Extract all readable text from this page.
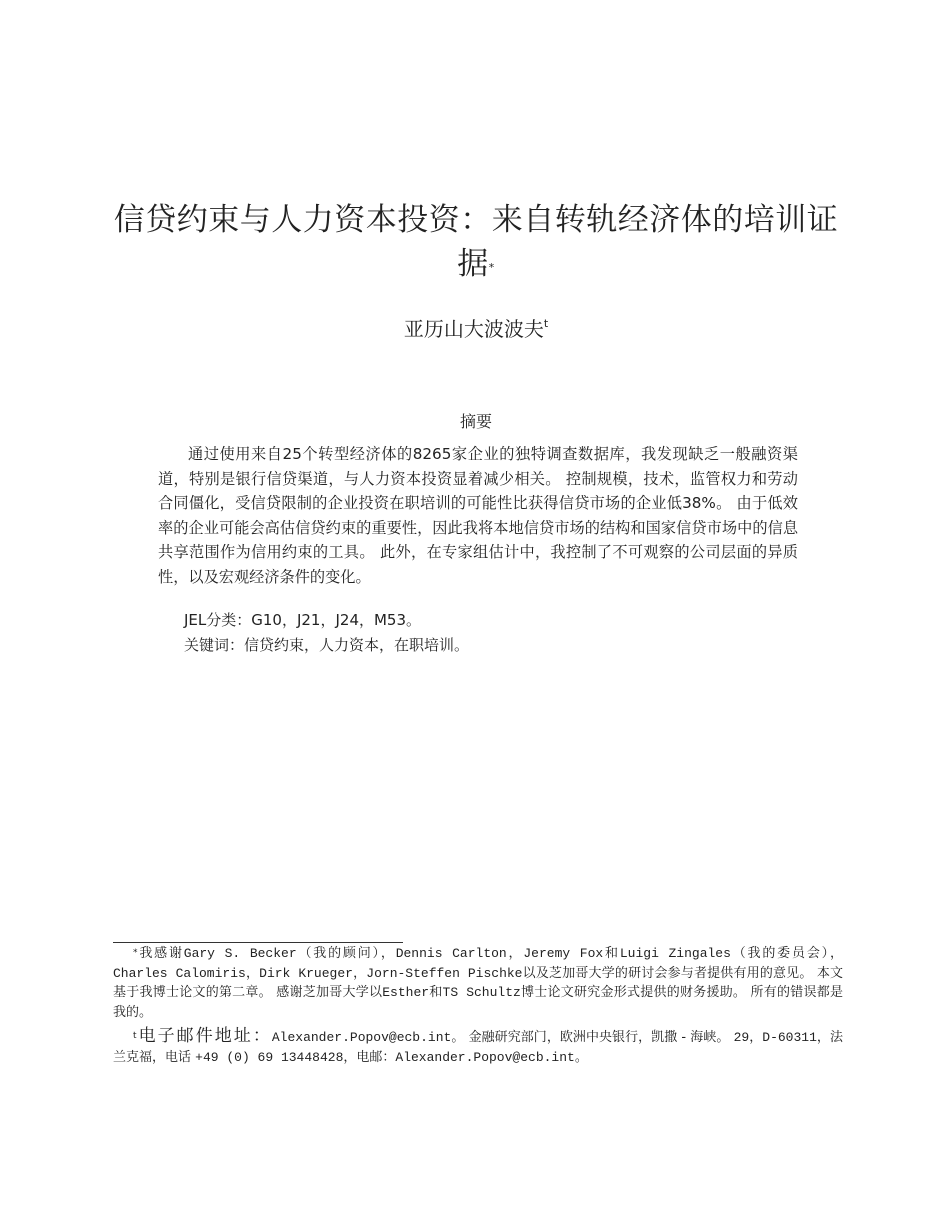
信贷约束与人力资本投资：来自转轨经济体的培训证据*
亚历山大波波夫$^t$
摘要

通过使用来自25个转型经济体的8265家企业的独特调查数据库，我发现缺乏一般融资渠道，特别是银行信贷渠道，与人力资本投资显着减少相关。 控制规模，技术，监管权力和劳动合同僵化，受信贷限制的企业投资在职培训的可能性比获得信贷市场的企业低38%。 由于低效率的企业可能会高估信贷约束的重要性，因此我将本地信贷市场的结构和国家信贷市场中的信息共享范围作为信用约束的工具。 此外，在专家组估计中，我控制了不可观察的公司层面的异质性，以及宏观经济条件的变化。

JEL分类：G10，J21，J24，M53。
关键词：信贷约束，人力资本，在职培训。

*我感谢Gary S. Becker（我的顾问），Dennis Carlton，Jeremy Fox和Luigi Zingales（我的委员会），Charles Calomiris，Dirk Krueger，Jorn-Steffen Pischke以及芝加哥大学的研讨会参与者提供有用的意见。 本文基于我博士论文的第二章。 感谢芝加哥大学以Esther和TS Schultz博士论文研究金形式提供的财务援助。 所有的错误都是我的。

$^t$电子邮件地址：Alexander.Popov@ecb.int。 金融研究部门，欧洲中央银行，凯撒 - 海峡。 29，D-60311，法兰克福，电话 +49 (0) 69 13448428，电邮：Alexander.Popov@ecb.int。
